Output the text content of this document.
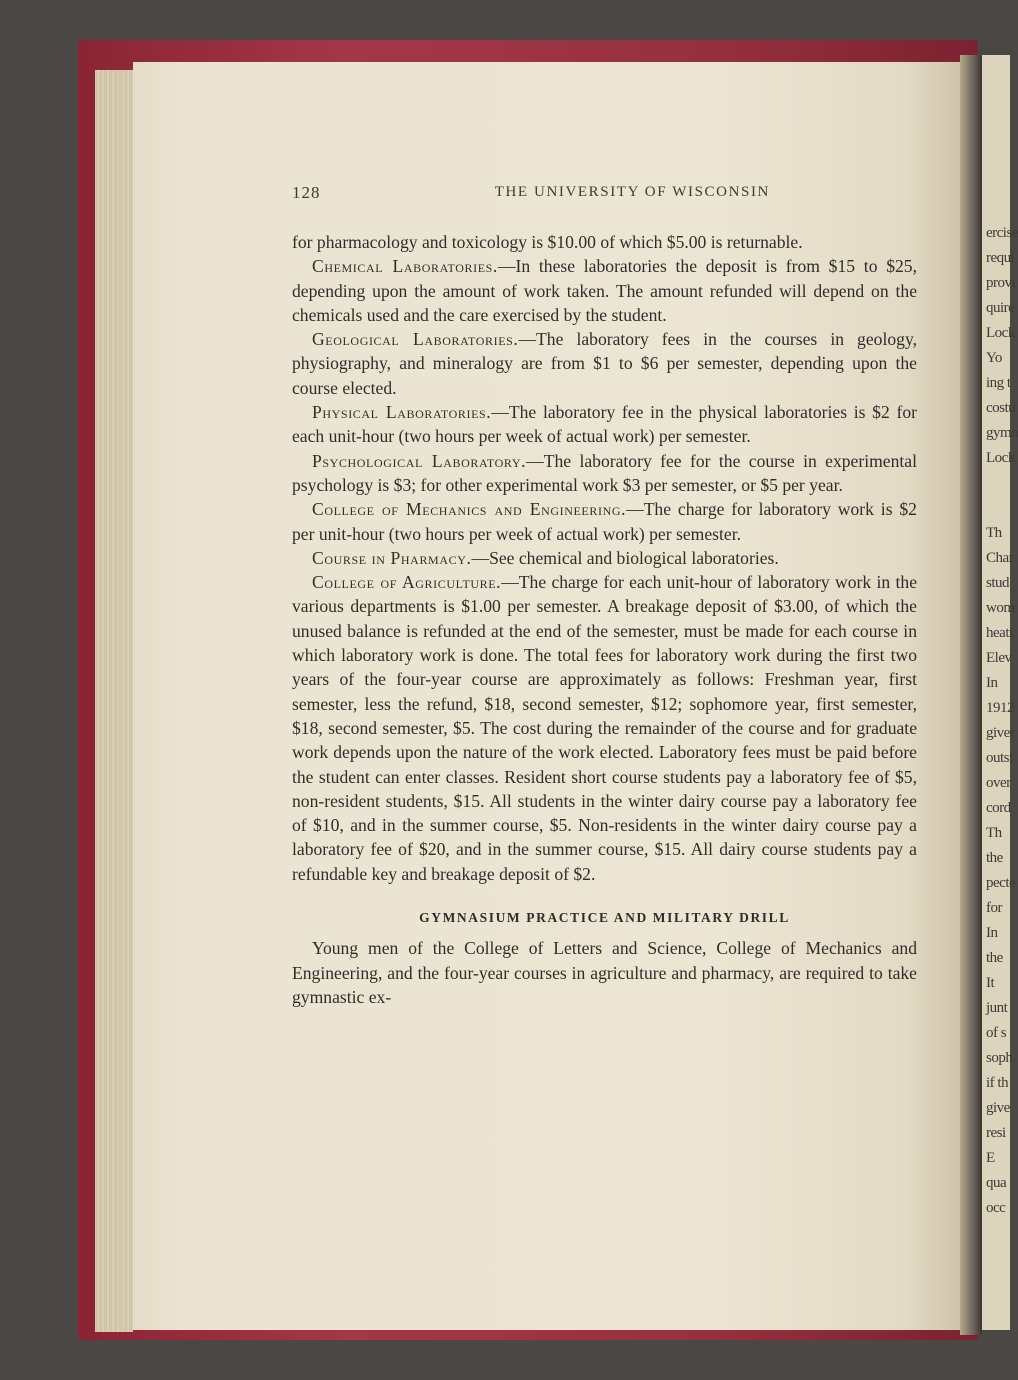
ercise
requi
provi
quire
Lock
Yo
ing t
costu
gymn
Lock
Th
Char
stud
wom
heati
Elev
In
1912
giver
outsi
over
cord
Th
the
pecte
for
In
the
It
junt
of s
soph
if th
give
resi
E
qua
occ
128	THE UNIVERSITY OF WISCONSIN

for pharmacology and toxicology is $10.00 of which $5.00 is returnable.

Chemical Laboratories.—In these laboratories the deposit is from $15 to $25, depending upon the amount of work taken. The amount refunded will depend on the chemicals used and the care exercised by the student.

Geological Laboratories.—The laboratory fees in the courses in geology, physiography, and mineralogy are from $1 to $6 per semester, depending upon the course elected.

Physical Laboratories.—The laboratory fee in the physical laboratories is $2 for each unit-hour (two hours per week of actual work) per semester.

Psychological Laboratory.—The laboratory fee for the course in experimental psychology is $3; for other experimental work $3 per semester, or $5 per year.

College of Mechanics and Engineering.—The charge for laboratory work is $2 per unit-hour (two hours per week of actual work) per semester.

Course in Pharmacy.—See chemical and biological laboratories.

College of Agriculture.—The charge for each unit-hour of laboratory work in the various departments is $1.00 per semester. A breakage deposit of $3.00, of which the unused balance is refunded at the end of the semester, must be made for each course in which laboratory work is done. The total fees for laboratory work during the first two years of the four-year course are approximately as follows: Freshman year, first semester, less the refund, $18, second semester, $12; sophomore year, first semester, $18, second semester, $5. The cost during the remainder of the course and for graduate work depends upon the nature of the work elected. Laboratory fees must be paid before the student can enter classes. Resident short course students pay a laboratory fee of $5, non-resident students, $15. All students in the winter dairy course pay a laboratory fee of $10, and in the summer course, $5. Non-residents in the winter dairy course pay a laboratory fee of $20, and in the summer course, $15. All dairy course students pay a refundable key and breakage deposit of $2.

GYMNASIUM PRACTICE AND MILITARY DRILL

Young men of the College of Letters and Science, College of Mechanics and Engineering, and the four-year courses in agriculture and pharmacy, are required to take gymnastic ex-
